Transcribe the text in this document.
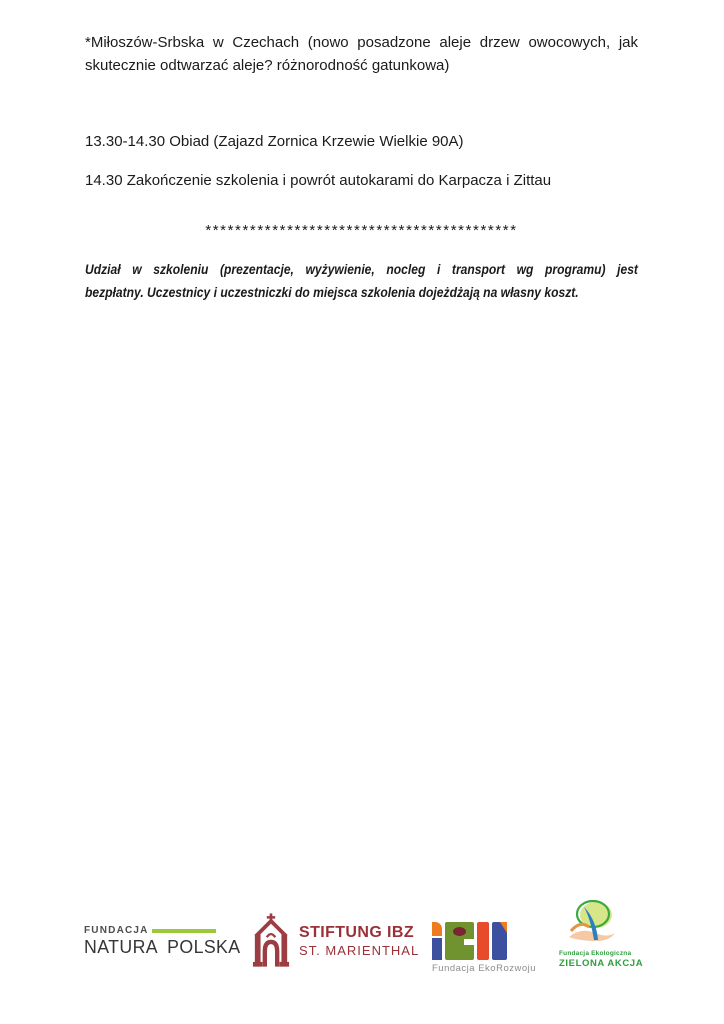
*Miłoszów-Srbska w Czechach (nowo posadzone aleje drzew owocowych, jak
skutecznie odtwarzać aleje? różnorodność gatunkowa)
13.30-14.30 Obiad (Zajazd Zornica Krzewie Wielkie 90A)
14.30 Zakończenie szkolenia i powrót autokarami do Karpacza i Zittau
******************************************
Udział w szkoleniu (prezentacje, wyżywienie, nocleg i transport wg programu) jest
bezpłatny. Uczestnicy i uczestniczki do miejsca szkolenia dojeżdżają na własny koszt.
FUNDACJA
NATURA POLSKA
STIFTUNG IBZ
ST. MARIENTHAL
Fundacja EkoRozwoju
Fundacja Ekologiczna
ZIELONA AKCJA
